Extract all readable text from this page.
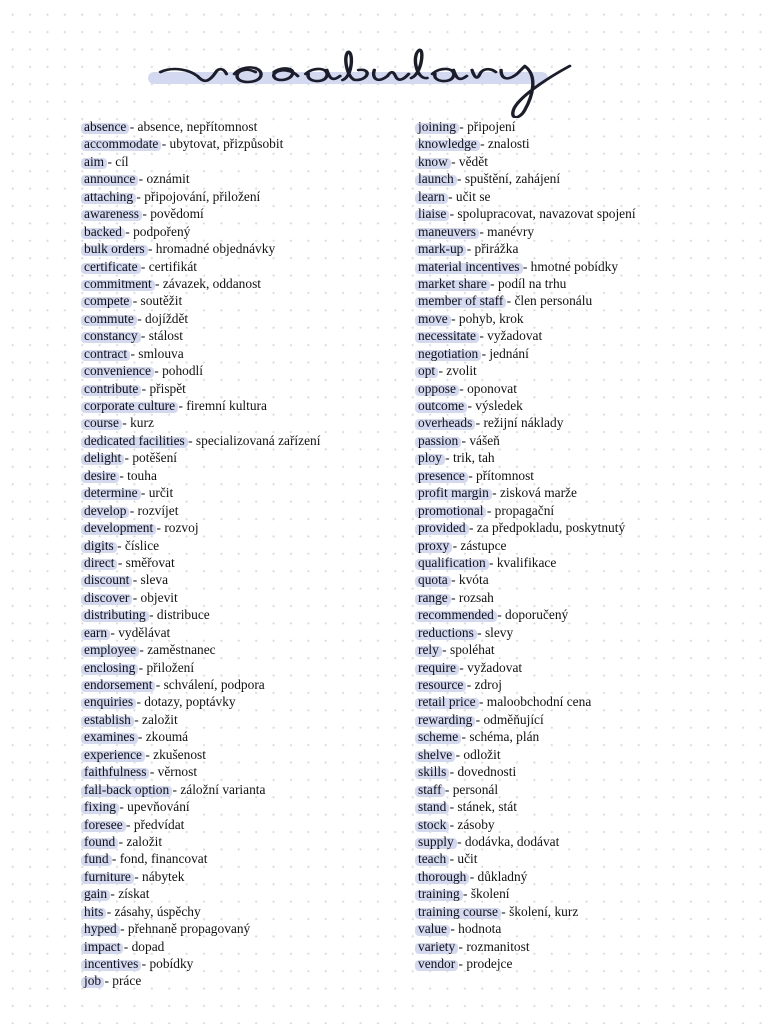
absence - absence, nepřítomnost
accommodate - ubytovat, přizpůsobit
aim - cíl
announce - oznámit
attaching - připojování, přiložení
awareness - povědomí
backed - podpořený
bulk orders - hromadné objednávky
certificate - certifikát
commitment - závazek, oddanost
compete - soutěžit
commute - dojíždět
constancy - stálost
contract - smlouva
convenience - pohodlí
contribute - přispět
corporate culture - firemní kultura
course - kurz
dedicated facilities - specializovaná zařízení
delight - potěšení
desire - touha
determine - určit
develop - rozvíjet
development - rozvoj
digits - číslice
direct - směřovat
discount - sleva
discover - objevit
distributing - distribuce
earn - vydělávat
employee - zaměstnanec
enclosing - přiložení
endorsement - schválení, podpora
enquiries - dotazy, poptávky
establish - založit
examines - zkoumá
experience - zkušenost
faithfulness - věrnost
fall-back option - záložní varianta
fixing - upevňování
foresee - předvídat
found - založit
fund - fond, financovat
furniture - nábytek
gain - získat
hits - zásahy, úspěchy
hyped - přehnaně propagovaný
impact - dopad
incentives - pobídky
job - práce
joining - připojení
knowledge - znalosti
know - vědět
launch - spuštění, zahájení
learn - učit se
liaise - spolupracovat, navazovat spojení
maneuvers - manévry
mark-up - přirážka
material incentives - hmotné pobídky
market share - podíl na trhu
member of staff - člen personálu
move - pohyb, krok
necessitate - vyžadovat
negotiation - jednání
opt - zvolit
oppose - oponovat
outcome - výsledek
overheads - režijní náklady
passion - vášeň
ploy - trik, tah
presence - přítomnost
profit margin - zisková marže
promotional - propagační
provided - za předpokladu, poskytnutý
proxy - zástupce
qualification - kvalifikace
quota - kvóta
range - rozsah
recommended - doporučený
reductions - slevy
rely - spoléhat
require - vyžadovat
resource - zdroj
retail price - maloobchodní cena
rewarding - odměňující
scheme - schéma, plán
shelve - odložit
skills - dovednosti
staff - personál
stand - stánek, stát
stock - zásoby
supply - dodávka, dodávat
teach - učit
thorough - důkladný
training - školení
training course - školení, kurz
value - hodnota
variety - rozmanitost
vendor - prodejce
